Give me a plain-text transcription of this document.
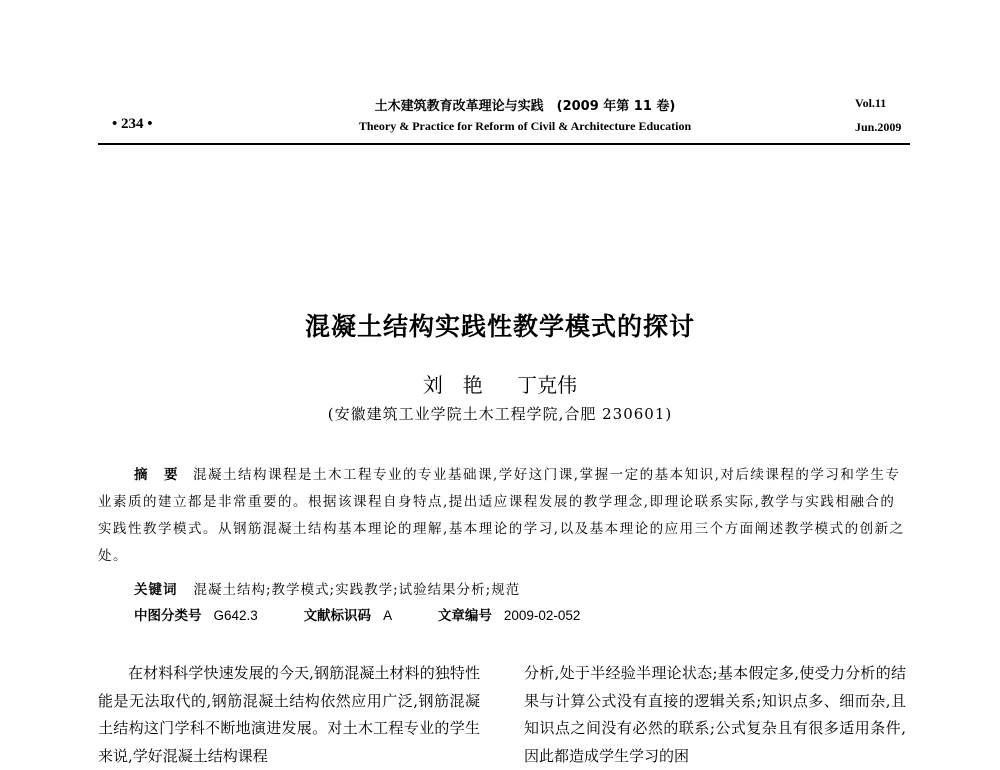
土木建筑教育改革理论与实践　(2009 年第 11 卷)
Theory & Practice for Reform of Civil & Architecture Education
• 234 •
Vol.11
Jun.2009
混凝土结构实践性教学模式的探讨
刘　艳 丁克伟
(安徽建筑工业学院土木工程学院,合肥 230601)
摘　要 混凝土结构课程是土木工程专业的专业基础课,学好这门课,掌握一定的基本知识,对后续课程的学习和学生专业素质的建立都是非常重要的。根据该课程自身特点,提出适应课程发展的教学理念,即理论联系实际,教学与实践相融合的实践性教学模式。从钢筋混凝土结构基本理论的理解,基本理论的学习,以及基本理论的应用三个方面阐述教学模式的创新之处。
关键词 混凝土结构;教学模式;实践教学;试验结果分析;规范
中图分类号 G642.3	文献标识码 A	文章编号 2009-02-052
在材料科学快速发展的今天,钢筋混凝土材料的独特性能是无法取代的,钢筋混凝土结构依然应用广泛,钢筋混凝土结构这门学科不断地演进发展。对土木工程专业的学生来说,学好混凝土结构课程
分析,处于半经验半理论状态;基本假定多,使受力分析的结果与计算公式没有直接的逻辑关系;知识点多、细而杂,且知识点之间没有必然的联系;公式复杂且有很多适用条件,因此都造成学生学习的困
